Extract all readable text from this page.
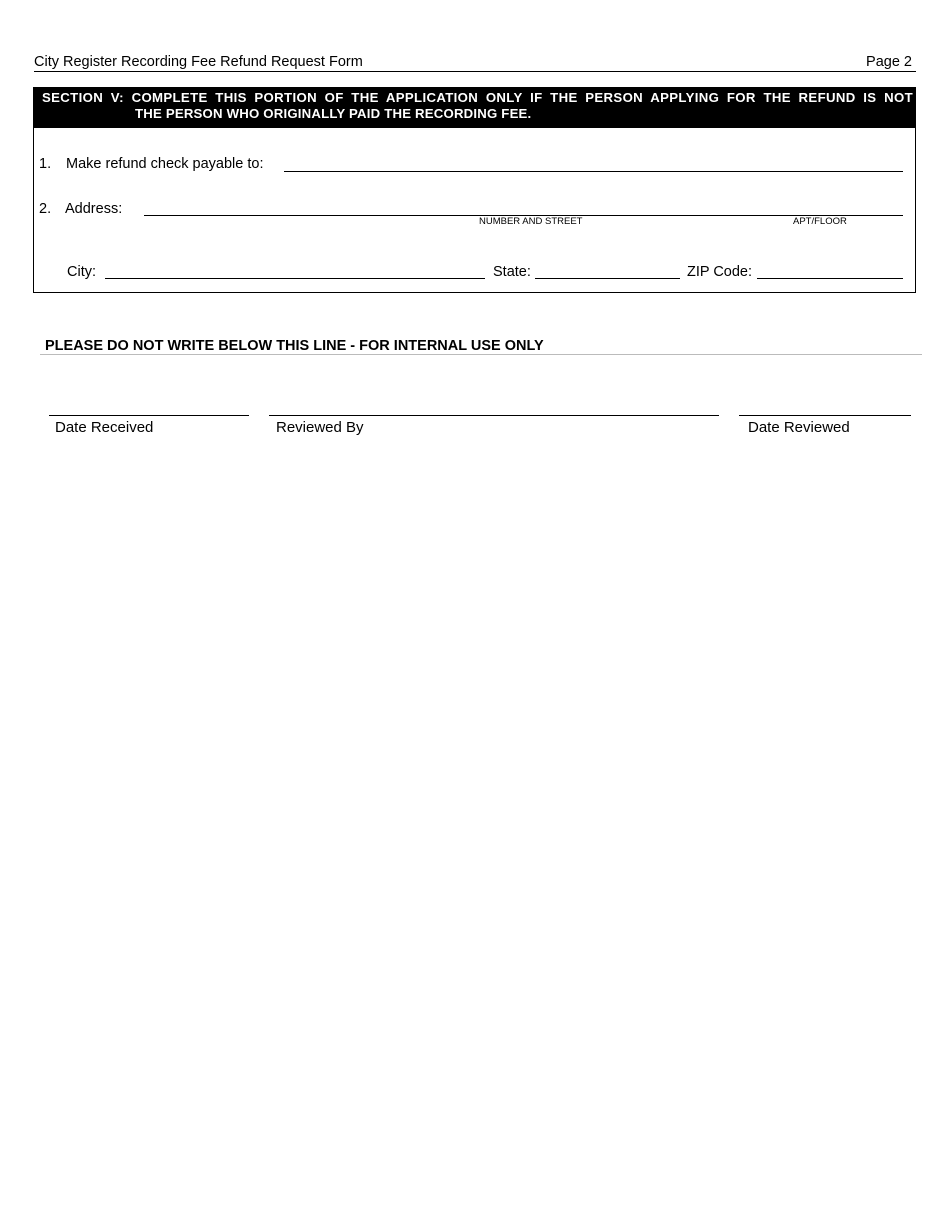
City Register Recording Fee Refund Request Form	Page 2
SECTION V: COMPLETE THIS PORTION OF THE APPLICATION ONLY IF THE PERSON APPLYING FOR THE REFUND IS NOT
THE PERSON WHO ORIGINALLY PAID THE RECORDING FEE.
1. Make refund check payable to:
2. Address:
NUMBER AND STREET	APT/FLOOR
City:	State:	ZIP Code:
PLEASE DO NOT WRITE BELOW THIS LINE - FOR INTERNAL USE ONLY
Date Received	Reviewed By	Date Reviewed
